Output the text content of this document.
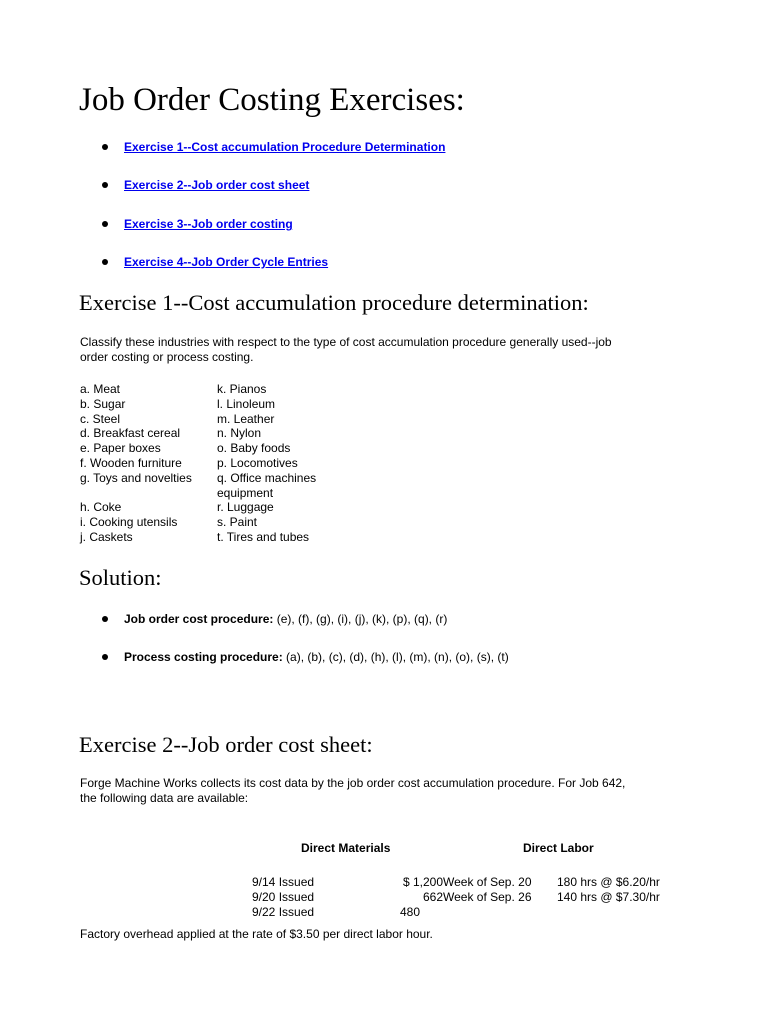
Job Order Costing Exercises:
Exercise 1--Cost accumulation Procedure Determination
Exercise 2--Job order cost sheet
Exercise 3--Job order costing
Exercise 4--Job Order Cycle Entries
Exercise 1--Cost accumulation procedure determination:
Classify these industries with respect to the type of cost accumulation procedure generally used--job
order costing or process costing.
a. Meat
b. Sugar
c. Steel
d. Breakfast cereal
e. Paper boxes
f. Wooden furniture
g. Toys and novelties
h. Coke
i. Cooking utensils
j. Caskets
k. Pianos
l. Linoleum
m. Leather
n. Nylon
o. Baby foods
p. Locomotives
q. Office machines
equipment
r. Luggage
s. Paint
t. Tires and tubes
Solution:
Job order cost procedure: (e), (f), (g), (i), (j), (k), (p), (q), (r)
Process costing procedure: (a), (b), (c), (d), (h), (l), (m), (n), (o), (s), (t)
Exercise 2--Job order cost sheet:
Forge Machine Works collects its cost data by the job order cost accumulation procedure. For Job 642,
the following data are available:
Direct Materials	Direct Labor
9/14 Issued
9/20 Issued
9/22 Issued
$ 1,200
662
480
Week of Sep. 20
Week of Sep. 26
180 hrs @ $6.20/hr
140 hrs @ $7.30/hr
Factory overhead applied at the rate of $3.50 per direct labor hour.
